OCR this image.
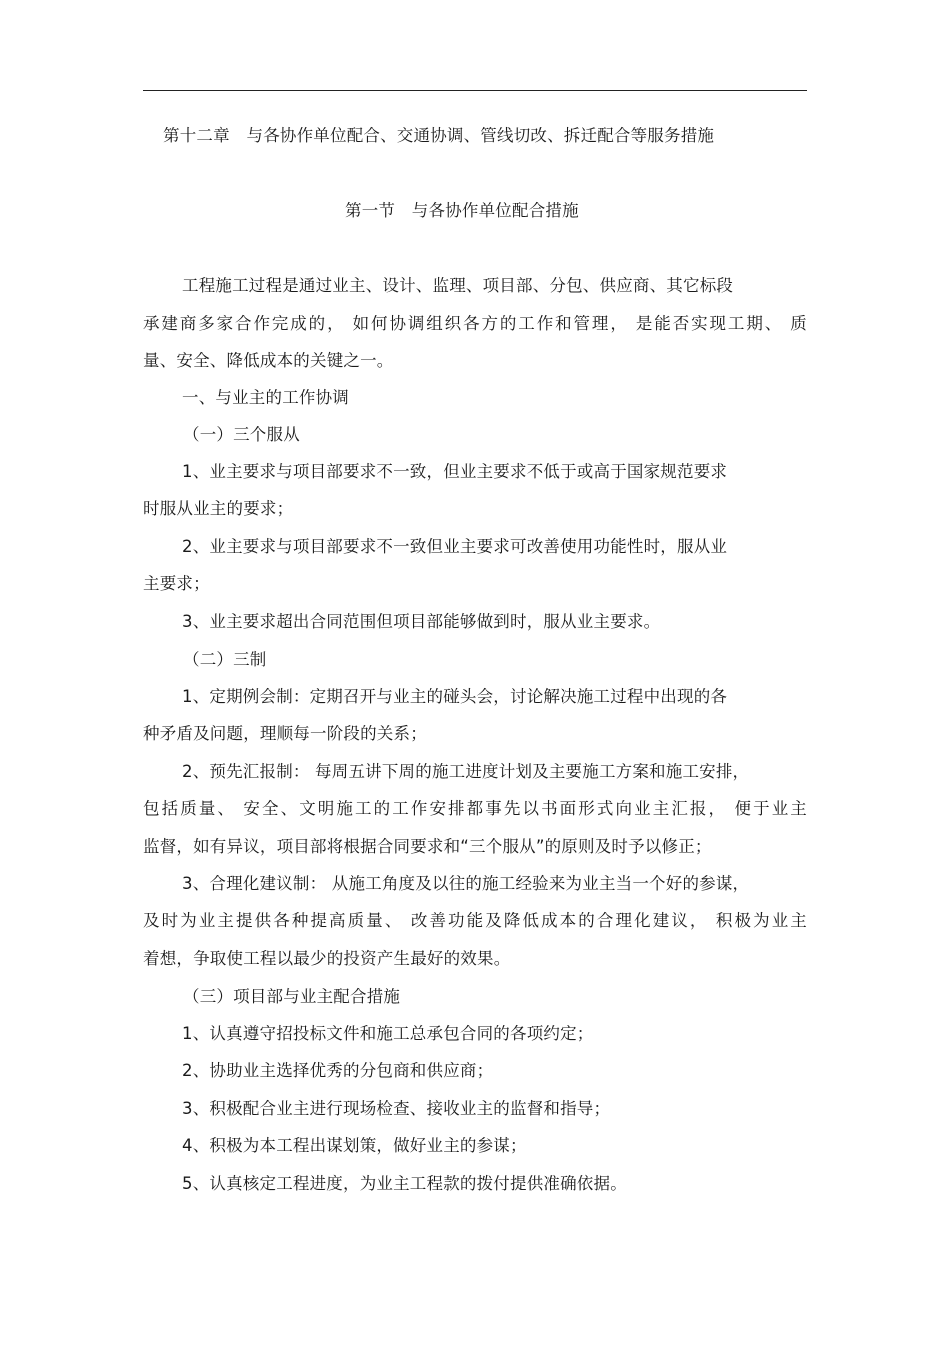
第十二章　与各协作单位配合、交通协调、管线切改、拆迁配合等服务措施
第一节　与各协作单位配合措施
工程施工过程是通过业主、设计、监理、项目部、分包、供应商、其它标段
承建商多家合作完成的， 如何协调组织各方的工作和管理， 是能否实现工期、 质
量、安全、降低成本的关键之一。
一、与业主的工作协调
（一）三个服从
1、业主要求与项目部要求不一致，但业主要求不低于或高于国家规范要求
时服从业主的要求；
2、业主要求与项目部要求不一致但业主要求可改善使用功能性时，服从业
主要求；
3、业主要求超出合同范围但项目部能够做到时，服从业主要求。
（二）三制
1、定期例会制：定期召开与业主的碰头会，讨论解决施工过程中出现的各
种矛盾及问题，理顺每一阶段的关系；
2、预先汇报制： 每周五讲下周的施工进度计划及主要施工方案和施工安排，
包括质量、 安全、文明施工的工作安排都事先以书面形式向业主汇报， 便于业主
监督，如有异议，项目部将根据合同要求和“三个服从”的原则及时予以修正；
3、合理化建议制： 从施工角度及以往的施工经验来为业主当一个好的参谋，
及时为业主提供各种提高质量、 改善功能及降低成本的合理化建议， 积极为业主
着想，争取使工程以最少的投资产生最好的效果。
（三）项目部与业主配合措施
1、认真遵守招投标文件和施工总承包合同的各项约定；
2、协助业主选择优秀的分包商和供应商；
3、积极配合业主进行现场检查、接收业主的监督和指导；
4、积极为本工程出谋划策，做好业主的参谋；
5、认真核定工程进度，为业主工程款的拨付提供准确依据。
